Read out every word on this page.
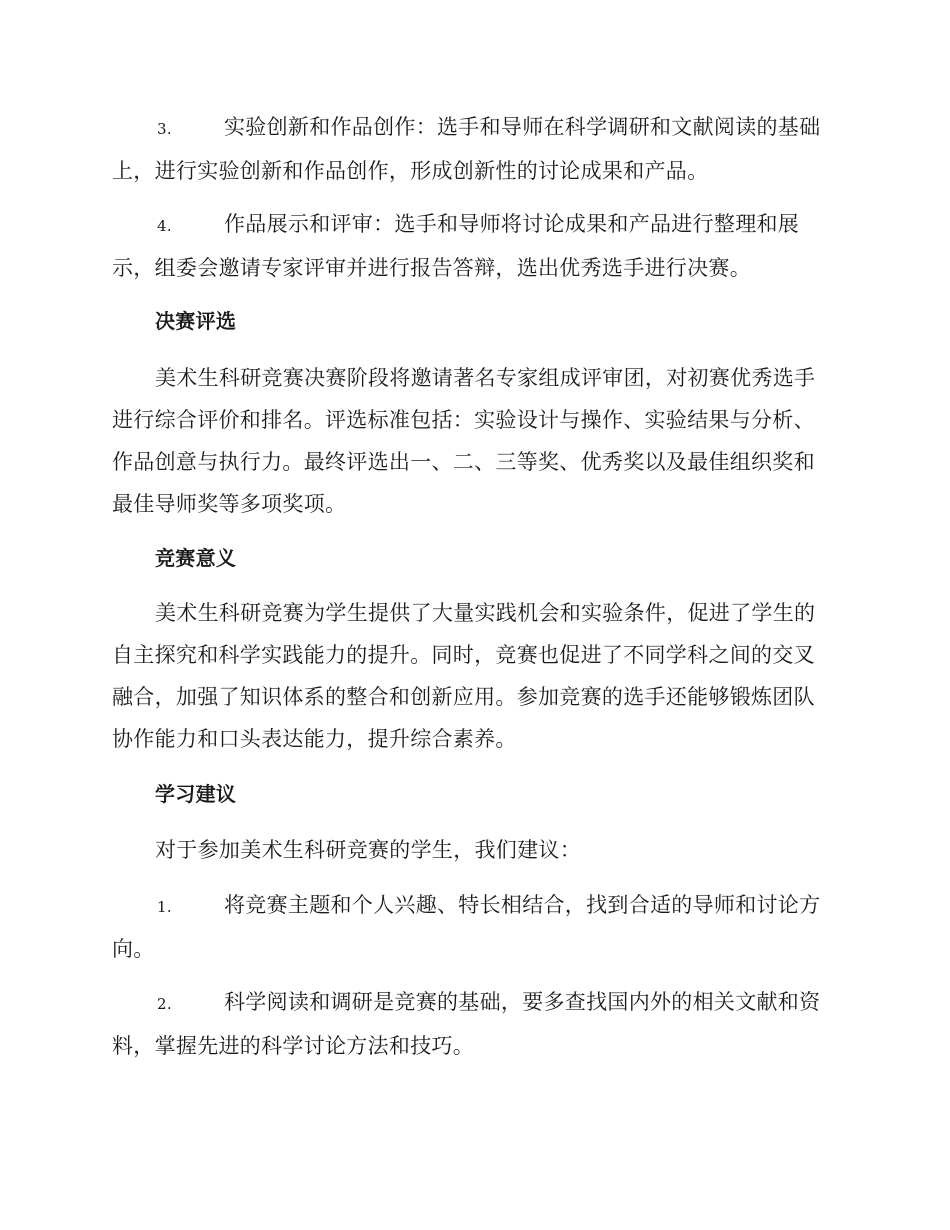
3. 实验创新和作品创作：选手和导师在科学调研和文献阅读的基础上，进行实验创新和作品创作，形成创新性的讨论成果和产品。
4. 作品展示和评审：选手和导师将讨论成果和产品进行整理和展示，组委会邀请专家评审并进行报告答辩，选出优秀选手进行决赛。
决赛评选
美术生科研竞赛决赛阶段将邀请著名专家组成评审团，对初赛优秀选手进行综合评价和排名。评选标准包括：实验设计与操作、实验结果与分析、作品创意与执行力。最终评选出一、二、三等奖、优秀奖以及最佳组织奖和最佳导师奖等多项奖项。
竞赛意义
美术生科研竞赛为学生提供了大量实践机会和实验条件，促进了学生的自主探究和科学实践能力的提升。同时，竞赛也促进了不同学科之间的交叉融合，加强了知识体系的整合和创新应用。参加竞赛的选手还能够锻炼团队协作能力和口头表达能力，提升综合素养。
学习建议
对于参加美术生科研竞赛的学生，我们建议：
1. 将竞赛主题和个人兴趣、特长相结合，找到合适的导师和讨论方向。
2. 科学阅读和调研是竞赛的基础，要多查找国内外的相关文献和资料，掌握先进的科学讨论方法和技巧。
